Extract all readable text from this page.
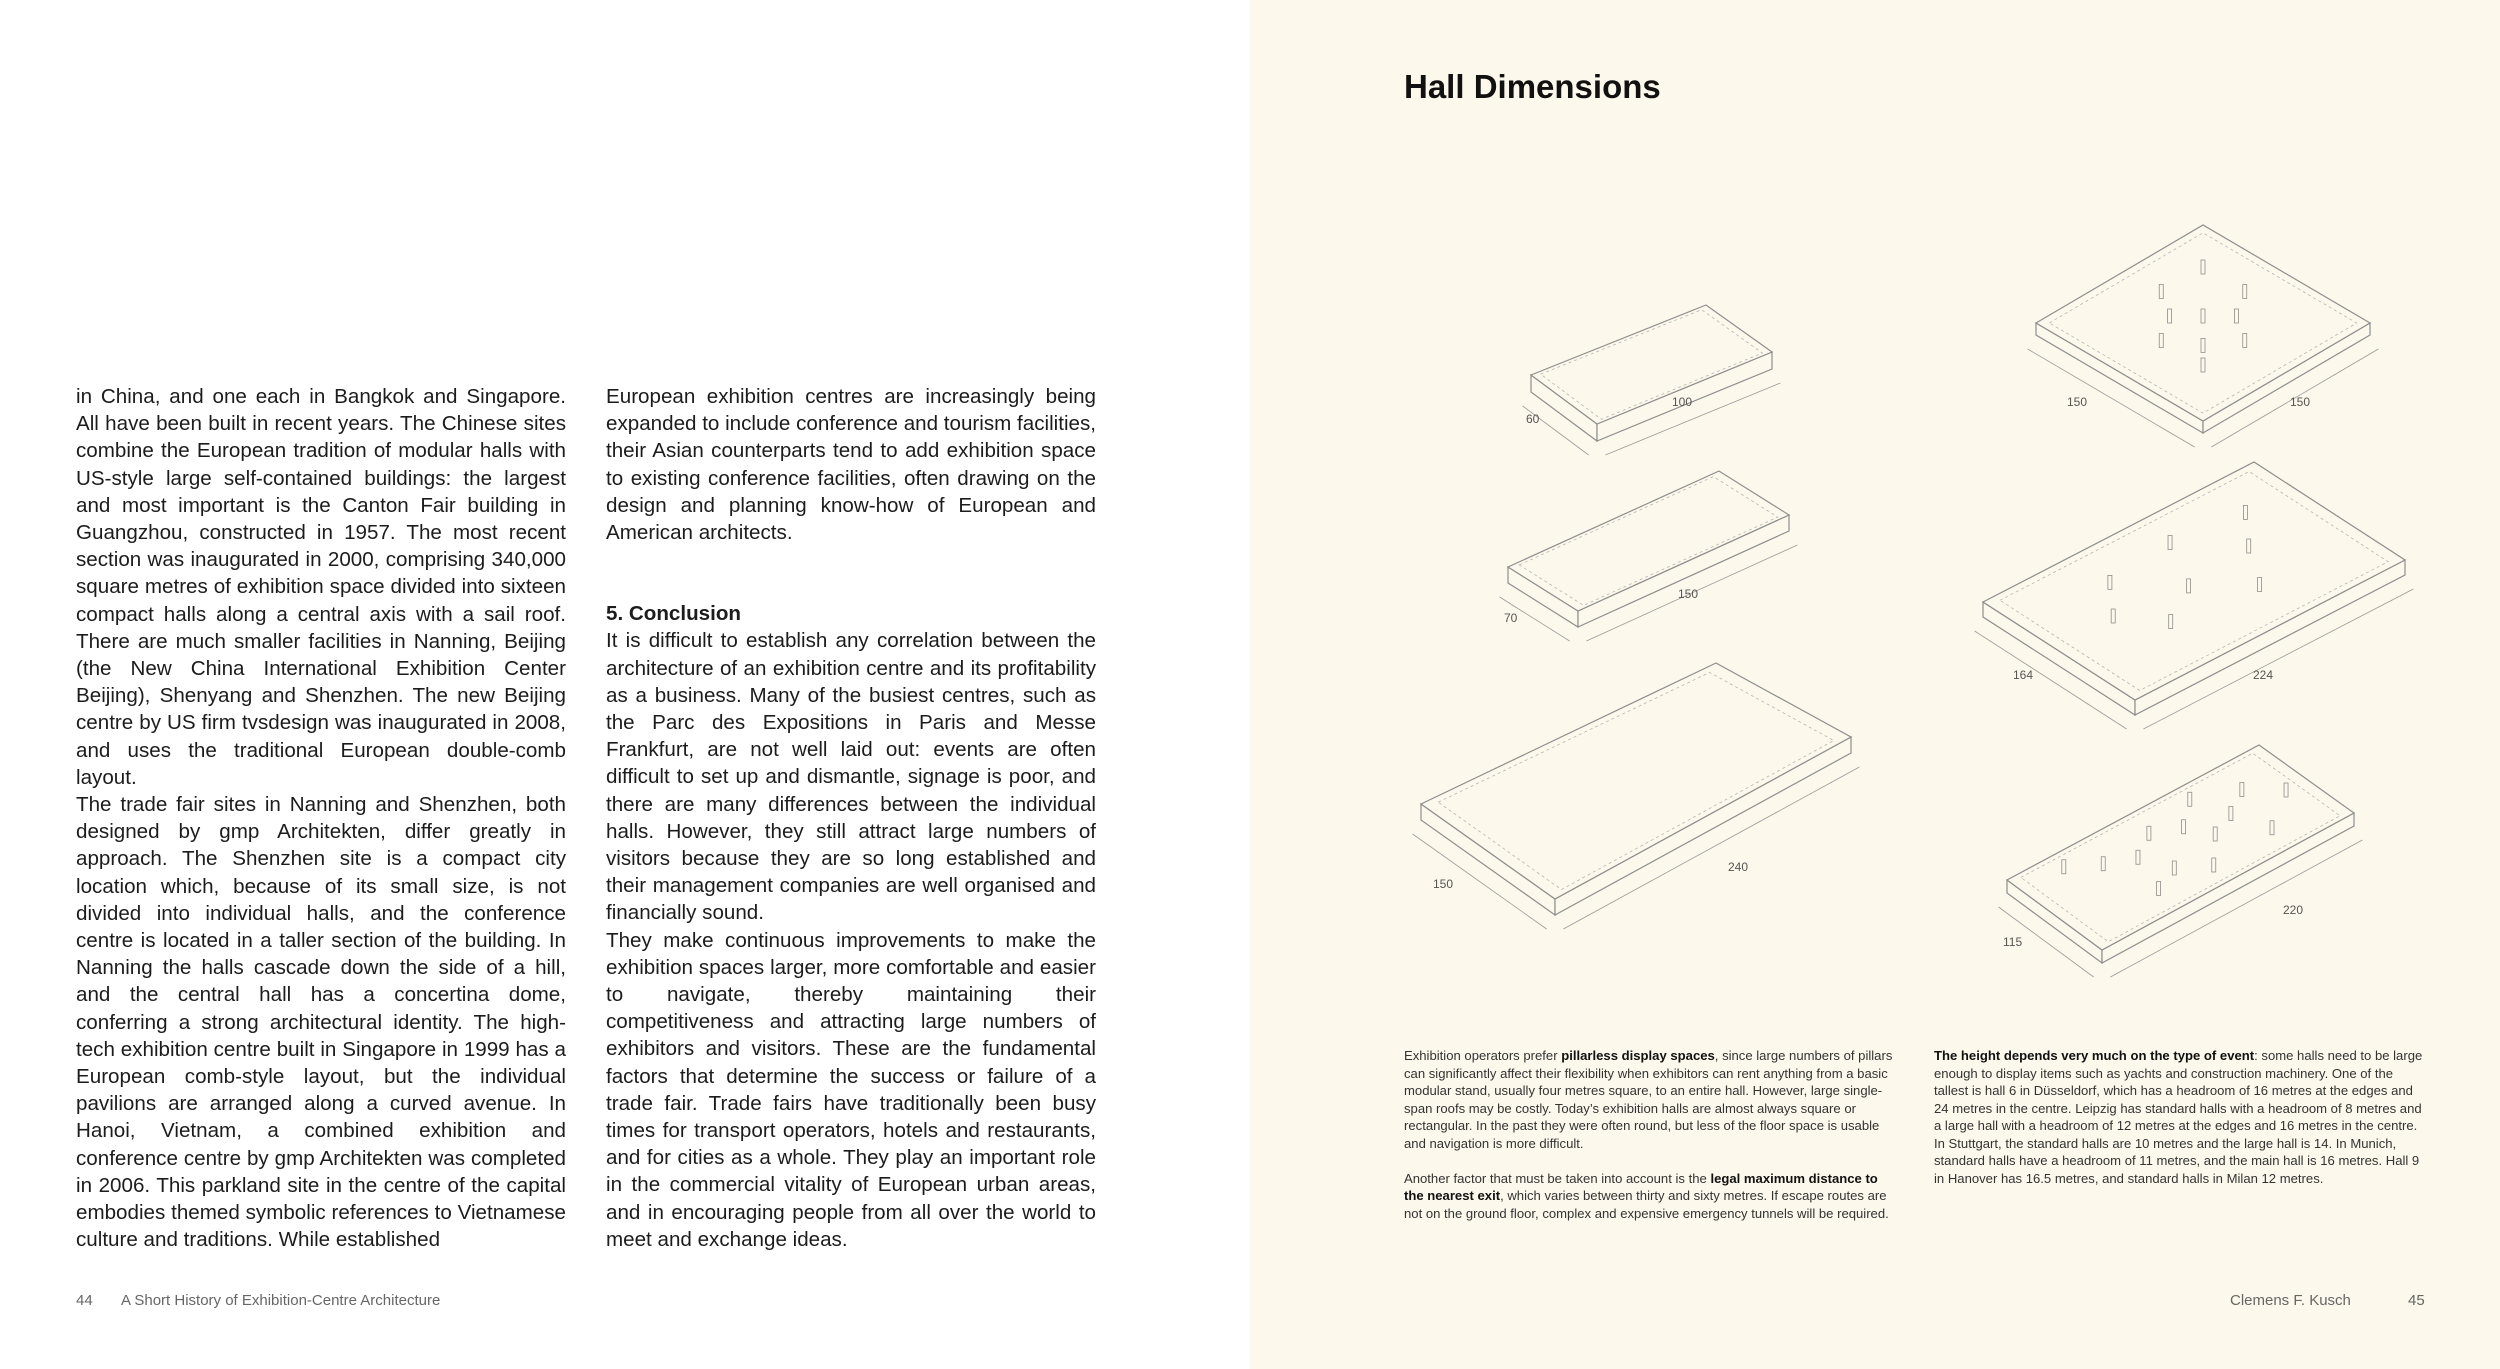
in China, and one each in Bangkok and Singapore. All have been built in recent years. The Chinese sites combine the European tradition of modular halls with US-style large self-contained buildings: the largest and most important is the Canton Fair building in Guangzhou, constructed in 1957. The most recent section was inaugurated in 2000, comprising 340,000 square metres of exhibition space divided into sixteen compact halls along a central axis with a sail roof. There are much smaller facilities in Nanning, Beijing (the New China International Exhibition Center Beijing), Shenyang and Shenzhen. The new Beijing centre by US firm tvsdesign was inaugurated in 2008, and uses the traditional European double-comb layout.

The trade fair sites in Nanning and Shenzhen, both designed by gmp Architekten, differ greatly in approach. The Shenzhen site is a compact city location which, because of its small size, is not divided into individual halls, and the conference centre is located in a taller section of the building. In Nanning the halls cascade down the side of a hill, and the central hall has a concertina dome, conferring a strong architectural identity. The high-tech exhibition centre built in Singapore in 1999 has a European comb-style layout, but the individual pavilions are arranged along a curved avenue. In Hanoi, Vietnam, a combined exhibition and conference centre by gmp Architekten was completed in 2006. This parkland site in the centre of the capital embodies themed symbolic references to Vietnamese culture and traditions. While established

European exhibition centres are increasingly being expanded to include conference and tourism facilities, their Asian counterparts tend to add exhibition space to existing conference facilities, often drawing on the design and planning know-how of European and American architects.

5. Conclusion

It is difficult to establish any correlation between the architecture of an exhibition centre and its profitability as a business. Many of the busiest centres, such as the Parc des Expositions in Paris and Messe Frankfurt, are not well laid out: events are often difficult to set up and dismantle, signage is poor, and there are many differences between the individual halls. However, they still attract large numbers of visitors because they are so long established and their management companies are well organised and financially sound.

They make continuous improvements to make the exhibition spaces larger, more comfortable and easier to navigate, thereby maintaining their competitiveness and attracting large numbers of exhibitors and visitors. These are the fundamental factors that determine the success or failure of a trade fair. Trade fairs have traditionally been busy times for transport operators, hotels and restaurants, and for cities as a whole. They play an important role in the commercial vitality of European urban areas, and in encouraging people from all over the world to meet and exchange ideas.

44 A Short History of Exhibition-Centre Architecture
Hall Dimensions
60
100
70
150
150
240
150	150
164	224
115
220

Exhibition operators prefer pillarless display spaces, since large numbers of pillars can significantly affect their flexibility when exhibitors can rent anything from a basic modular stand, usually four metres square, to an entire hall. However, large single-span roofs may be costly. Today’s exhibition halls are almost always square or rectangular. In the past they were often round, but less of the floor space is usable and navigation is more difficult.

Another factor that must be taken into account is the legal maximum distance to the nearest exit, which varies between thirty and sixty metres. If escape routes are not on the ground floor, complex and expensive emergency tunnels will be required.

The height depends very much on the type of event: some halls need to be large enough to display items such as yachts and construction machinery. One of the tallest is hall 6 in Düsseldorf, which has a headroom of 16 metres at the edges and 24 metres in the centre. Leipzig has standard halls with a headroom of 8 metres and a large hall with a headroom of 12 metres at the edges and 16 metres in the centre. In Stuttgart, the standard halls are 10 metres and the large hall is 14. In Munich, standard halls have a headroom of 11 metres, and the main hall is 16 metres. Hall 9 in Hanover has 16.5 metres, and standard halls in Milan 12 metres.

Clemens F. Kusch	45
